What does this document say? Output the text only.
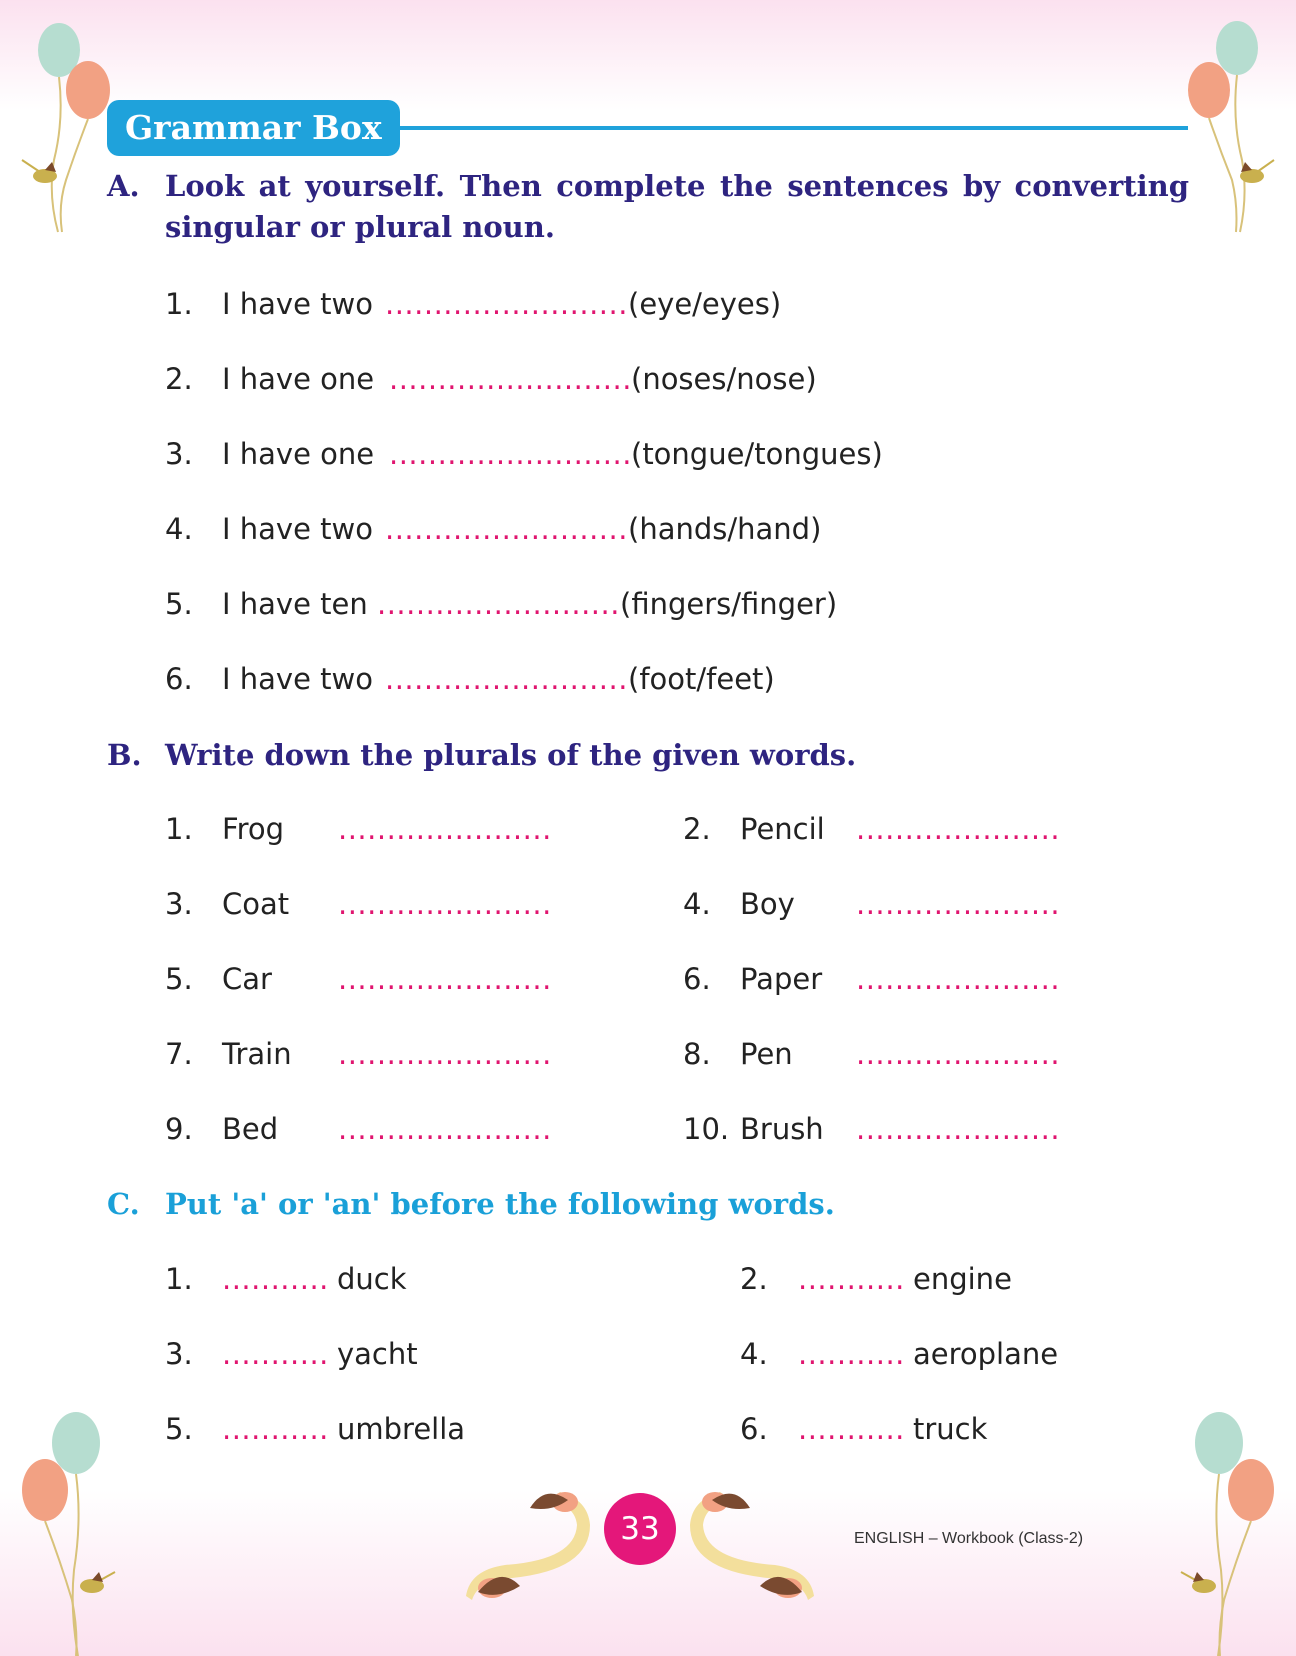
Grammar Box
A. Look at yourself. Then complete the sentences by converting singular or plural noun.
1. I have two ......................... (eye/eyes)
2. I have one ......................... (noses/nose)
3. I have one ......................... (tongue/tongues)
4. I have two ......................... (hands/hand)
5. I have ten ......................... (fingers/finger)
6. I have two ......................... (foot/feet)
B. Write down the plurals of the given words.
1. Frog ......................	2. Pencil .....................
3. Coat ......................	4. Boy .....................
5. Car ......................	6. Paper .....................
7. Train ......................	8. Pen .....................
9. Bed ......................	10. Brush .....................
C. Put 'a' or 'an' before the following words.
1. ........... duck	2. ........... engine
3. ........... yacht	4. ........... aeroplane
5. ........... umbrella	6. ........... truck
33	ENGLISH – Workbook (Class-2)
